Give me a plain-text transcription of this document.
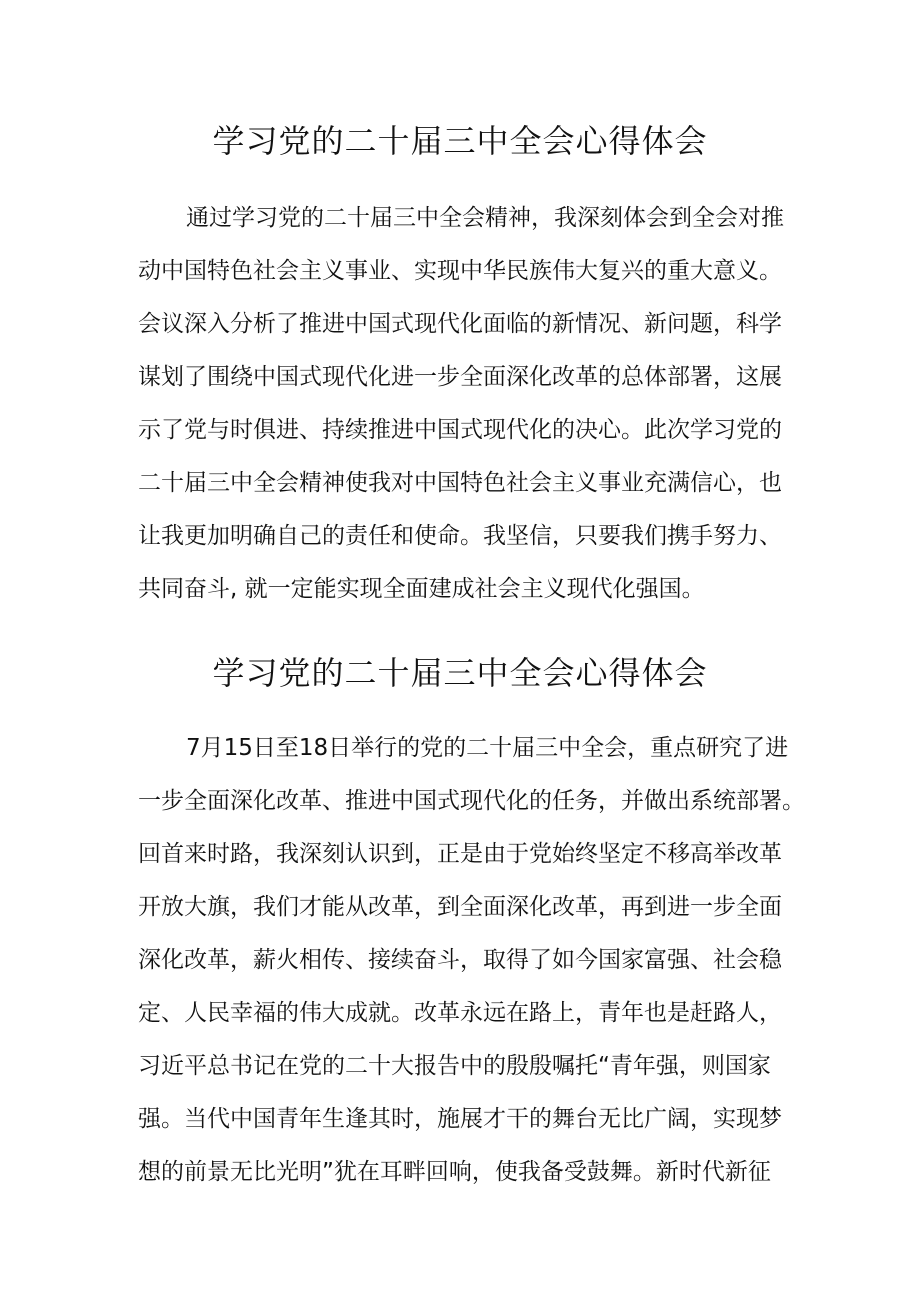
学习党的二十届三中全会心得体会
通过学习党的二十届三中全会精神，我深刻体会到全会对推
动中国特色社会主义事业、实现中华民族伟大复兴的重大意义。
会议深入分析了推进中国式现代化面临的新情况、新问题，科学
谋划了围绕中国式现代化进一步全面深化改革的总体部署，这展
示了党与时俱进、持续推进中国式现代化的决心。此次学习党的
二十届三中全会精神使我对中国特色社会主义事业充满信心，也
让我更加明确自己的责任和使命。我坚信，只要我们携手努力、
共同奋斗, 就一定能实现全面建成社会主义现代化强国。
学习党的二十届三中全会心得体会
7月15日至18日举行的党的二十届三中全会，重点研究了进
一步全面深化改革、推进中国式现代化的任务，并做出系统部署。
回首来时路，我深刻认识到，正是由于党始终坚定不移高举改革
开放大旗，我们才能从改革，到全面深化改革，再到进一步全面
深化改革，薪火相传、接续奋斗，取得了如今国家富强、社会稳
定、人民幸福的伟大成就。改革永远在路上，青年也是赶路人，
习近平总书记在党的二十大报告中的殷殷嘱托“青年强，则国家
强。当代中国青年生逢其时，施展才干的舞台无比广阔，实现梦
想的前景无比光明”犹在耳畔回响，使我备受鼓舞。新时代新征
